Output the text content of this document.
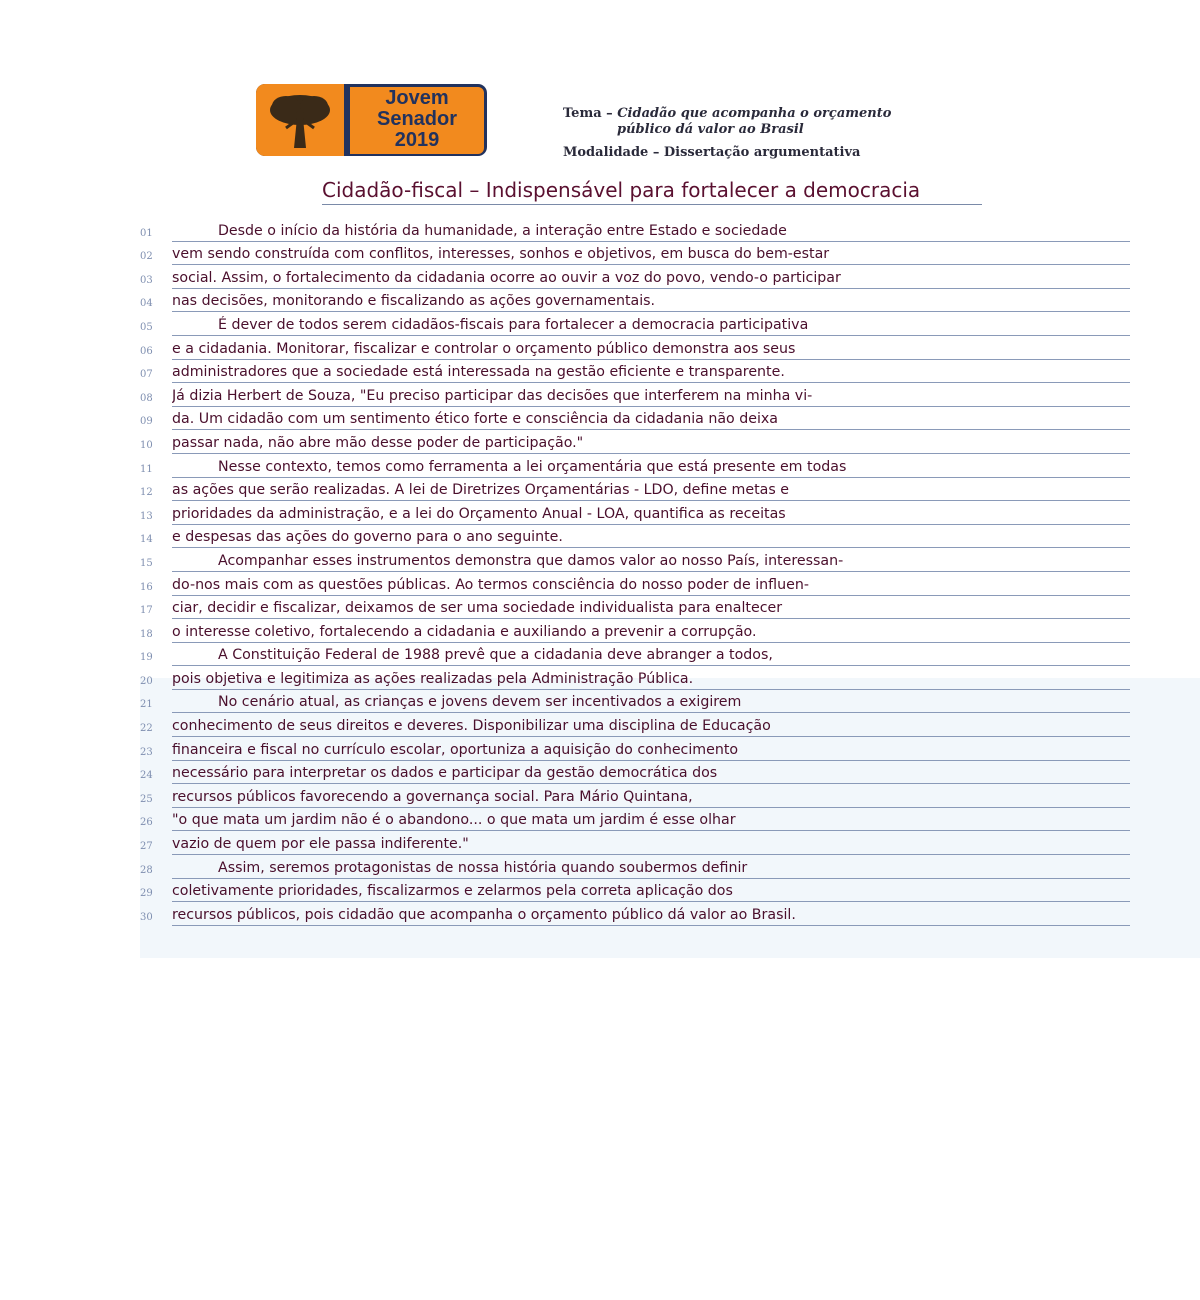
Jovem
Senador
2019
Tema – Cidadão que acompanha o orçamento
público dá valor ao Brasil
Modalidade – Dissertação argumentativa
Cidadão-fiscal – Indispensável para fortalecer a democracia
01	Desde o início da história da humanidade, a interação entre Estado e sociedade
02	vem sendo construída com conflitos, interesses, sonhos e objetivos, em busca do bem-estar
03	social. Assim, o fortalecimento da cidadania ocorre ao ouvir a voz do povo, vendo-o participar
04	nas decisões, monitorando e fiscalizando as ações governamentais.
05	É dever de todos serem cidadãos-fiscais para fortalecer a democracia participativa
06	e a cidadania. Monitorar, fiscalizar e controlar o orçamento público demonstra aos seus
07	administradores que a sociedade está interessada na gestão eficiente e transparente.
08	Já dizia Herbert de Souza, "Eu preciso participar das decisões que interferem na minha vi-
09	da. Um cidadão com um sentimento ético forte e consciência da cidadania não deixa
10	passar nada, não abre mão desse poder de participação."
11	Nesse contexto, temos como ferramenta a lei orçamentária que está presente em todas
12	as ações que serão realizadas. A lei de Diretrizes Orçamentárias - LDO, define metas e
13	prioridades da administração, e a lei do Orçamento Anual - LOA, quantifica as receitas
14	e despesas das ações do governo para o ano seguinte.
15	Acompanhar esses instrumentos demonstra que damos valor ao nosso País, interessan-
16	do-nos mais com as questões públicas. Ao termos consciência do nosso poder de influen-
17	ciar, decidir e fiscalizar, deixamos de ser uma sociedade individualista para enaltecer
18	o interesse coletivo, fortalecendo a cidadania e auxiliando a prevenir a corrupção.
19	A Constituição Federal de 1988 prevê que a cidadania deve abranger a todos,
20	pois objetiva e legitimiza as ações realizadas pela Administração Pública.
21	No cenário atual, as crianças e jovens devem ser incentivados a exigirem
22	conhecimento de seus direitos e deveres. Disponibilizar uma disciplina de Educação
23	financeira e fiscal no currículo escolar, oportuniza a aquisição do conhecimento
24	necessário para interpretar os dados e participar da gestão democrática dos
25	recursos públicos favorecendo a governança social. Para Mário Quintana,
26	"o que mata um jardim não é o abandono... o que mata um jardim é esse olhar
27	vazio de quem por ele passa indiferente."
28	Assim, seremos protagonistas de nossa história quando soubermos definir
29	coletivamente prioridades, fiscalizarmos e zelarmos pela correta aplicação dos
30	recursos públicos, pois cidadão que acompanha o orçamento público dá valor ao Brasil.
